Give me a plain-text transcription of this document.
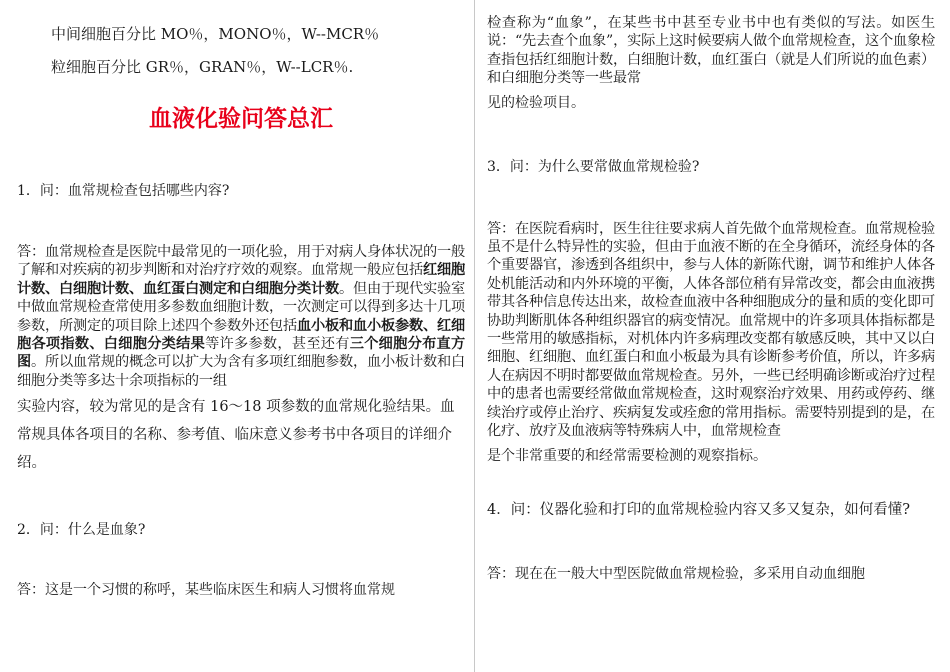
中间细胞百分比 MO％，MONO％，W--MCR％

粒细胞百分比 GR％，GRAN％，W--LCR％.

血液化验问答总汇

1．问：血常规检查包括哪些内容?

答：血常规检查是医院中最常见的一项化验，用于对病人身体状况的一般了解和对疾病的初步判断和对治疗疗效的观察。血常规一般应包括红细胞计数、白细胞计数、血红蛋白测定和白细胞分类计数。但由于现代实验室中做血常规检查常使用多参数血细胞计数，一次测定可以得到多达十几项参数，所测定的项目除上述四个参数外还包括血小板和血小板参数、红细胞各项指数、白细胞分类结果等许多参数，甚至还有三个细胞分布直方图。所以血常规的概念可以扩大为含有多项红细胞参数，血小板计数和白细胞分类等多达十余项指标的一组

实验内容，较为常见的是含有 16～18 项参数的血常规化验结果。血常规具体各项目的名称、参考值、临床意义参考书中各项目的详细介绍。

2．问：什么是血象?

答：这是一个习惯的称呼，某些临床医生和病人习惯将血常规

检查称为“血象”，在某些书中甚至专业书中也有类似的写法。如医生说：“先去查个血象”，实际上这时候要病人做个血常规检查，这个血象检查指包括红细胞计数，白细胞计数，血红蛋白（就是人们所说的血色素）和白细胞分类等一些最常

见的检验项目。

3．问：为什么要常做血常规检验?

答：在医院看病时，医生往往要求病人首先做个血常规检查。血常规检验虽不是什么特异性的实验，但由于血液不断的在全身循环，流经身体的各个重要器官，渗透到各组织中，参与人体的新陈代谢，调节和维护人体各处机能活动和内外环境的平衡，人体各部位稍有异常改变，都会由血液携带其各种信息传达出来，故检查血液中各种细胞成分的量和质的变化即可协助判断肌体各种组织器官的病变情况。血常规中的许多项具体指标都是一些常用的敏感指标，对机体内许多病理改变都有敏感反映，其中又以白细胞、红细胞、血红蛋白和血小板最为具有诊断参考价值，所以，许多病人在病因不明时都要做血常规检查。另外，一些已经明确诊断或治疗过程中的患者也需要经常做血常规检查，这时观察治疗效果、用药或停药、继续治疗或停止治疗、疾病复发或痊愈的常用指标。需要特别提到的是，在化疗、放疗及血液病等特殊病人中，血常规检查

是个非常重要的和经常需要检测的观察指标。

4．问：仪器化验和打印的血常规检验内容又多又复杂，如何看懂?

答：现在在一般大中型医院做血常规检验，多采用自动血细胞
